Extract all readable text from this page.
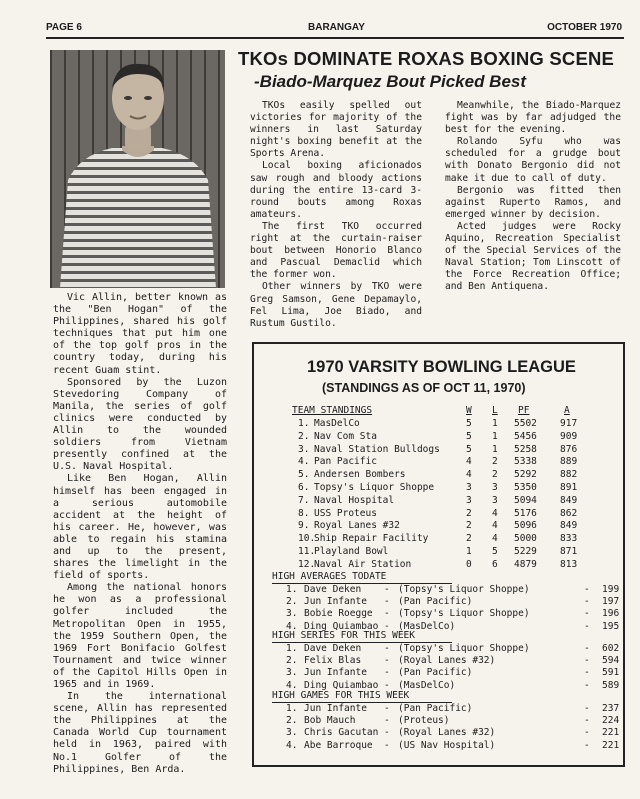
PAGE 6	BARANGAY	OCTOBER 1970

Vic Allin, better known as the "Ben Hogan" of the Philippines, shared his golf techniques that put him one of the top golf pros in the country today, during his recent Guam stint.

Sponsored by the Luzon Stevedoring Company of Manila, the series of golf clinics were conducted by Allin to the wounded soldiers from Vietnam presently confined at the U.S. Naval Hospital.

Like Ben Hogan, Allin himself has been engaged in a serious automobile accident at the height of his career. He, however, was able to regain his stamina and up to the present, shares the limelight in the field of sports.

Among the national honors he won as a professional golfer included the Metropolitan Open in 1955, the 1959 Southern Open, the 1969 Fort Bonifacio Golfest Tournament and twice winner of the Capitol Hills Open in 1965 and in 1969.

In the international scene, Allin has represented the Philippines at the Canada World Cup tournament held in 1963, paired with No.1 Golfer of the Philippines, Ben Arda.

TKOs DOMINATE ROXAS BOXING SCENE
-Biado-Marquez Bout Picked Best

TKOs easily spelled out victories for majority of the winners in last Saturday night's boxing benefit at the Sports Arena.

Local boxing aficionados saw rough and bloody actions during the entire 13-card 3-round bouts among Roxas amateurs.

The first TKO occurred right at the curtain-raiser bout between Honorio Blanco and Pascual Demaclid which the former won.

Other winners by TKO were Greg Samson, Gene Depamaylo, Fel Lima, Joe Biado, and Rustum Gustilo.

Meanwhile, the Biado-Marquez fight was by far adjudged the best for the evening.

Rolando Syfu who was scheduled for a grudge bout with Donato Bergonio did not make it due to call of duty.

Bergonio was fitted then against Ruperto Ramos, and emerged winner by decision.

Acted judges were Rocky Aquino, Recreation Specialist of the Special Services of the Naval Station; Tom Linscott of the Force Recreation Office; and Ben Antiquena.

1970 VARSITY BOWLING LEAGUE
(STANDINGS AS OF OCT 11, 1970)
TEAM STANDINGS	W L PF	A
1. MasDelCo	5 1 5502 917
2. Nav Com Sta	5 1 5456 909
3. Naval Station Bulldogs	5 1 5258 876
4. Pan Pacific	4 2 5338 889
5. Andersen Bombers	4 2 5292 882
6. Topsy's Liquor Shoppe	3 3 5350 891
7. Naval Hospital	3 3 5094 849
8. USS Proteus	2 4 5176 862
9. Royal Lanes #32	2 4 5096 849
10.
Ship Repair Facility	2 4 5000 833
11.
Playland Bowl	1 5 5229 871
12.
Naval Air Station	0 6 4879 813
HIGH AVERAGES TODATE
1. Dave Deken	(Topsy's Liquor Shoppe)	199
-	-
2. Jun Infante	(Pan Pacific)	197
-	-
3. Bobie Roegge	(Topsy's Liquor Shoppe)	196
-	-
4. Ding Quiambao (MasDelCo)	195
-	-
HIGH SERIES FOR THIS WEEK
1. Dave Deken	(Topsy's Liquor Shoppe)	602
-	-
2. Felix Blas	(Royal Lanes #32)	594
-	-
3. Jun Infante	(Pan Pacific)	591
-	-
4. Ding Quiambao (MasDelCo)	589
-	-
HIGH GAMES FOR THIS WEEK
1. Jun Infante	(Pan Pacific)	237
-	-
2. Bob Mauch	(Proteus)	224
-	-
3. Chris Gacutan (Royal Lanes #32)	221
-	-
4. Abe Barroque	(US Nav Hospital)	221
-	-
